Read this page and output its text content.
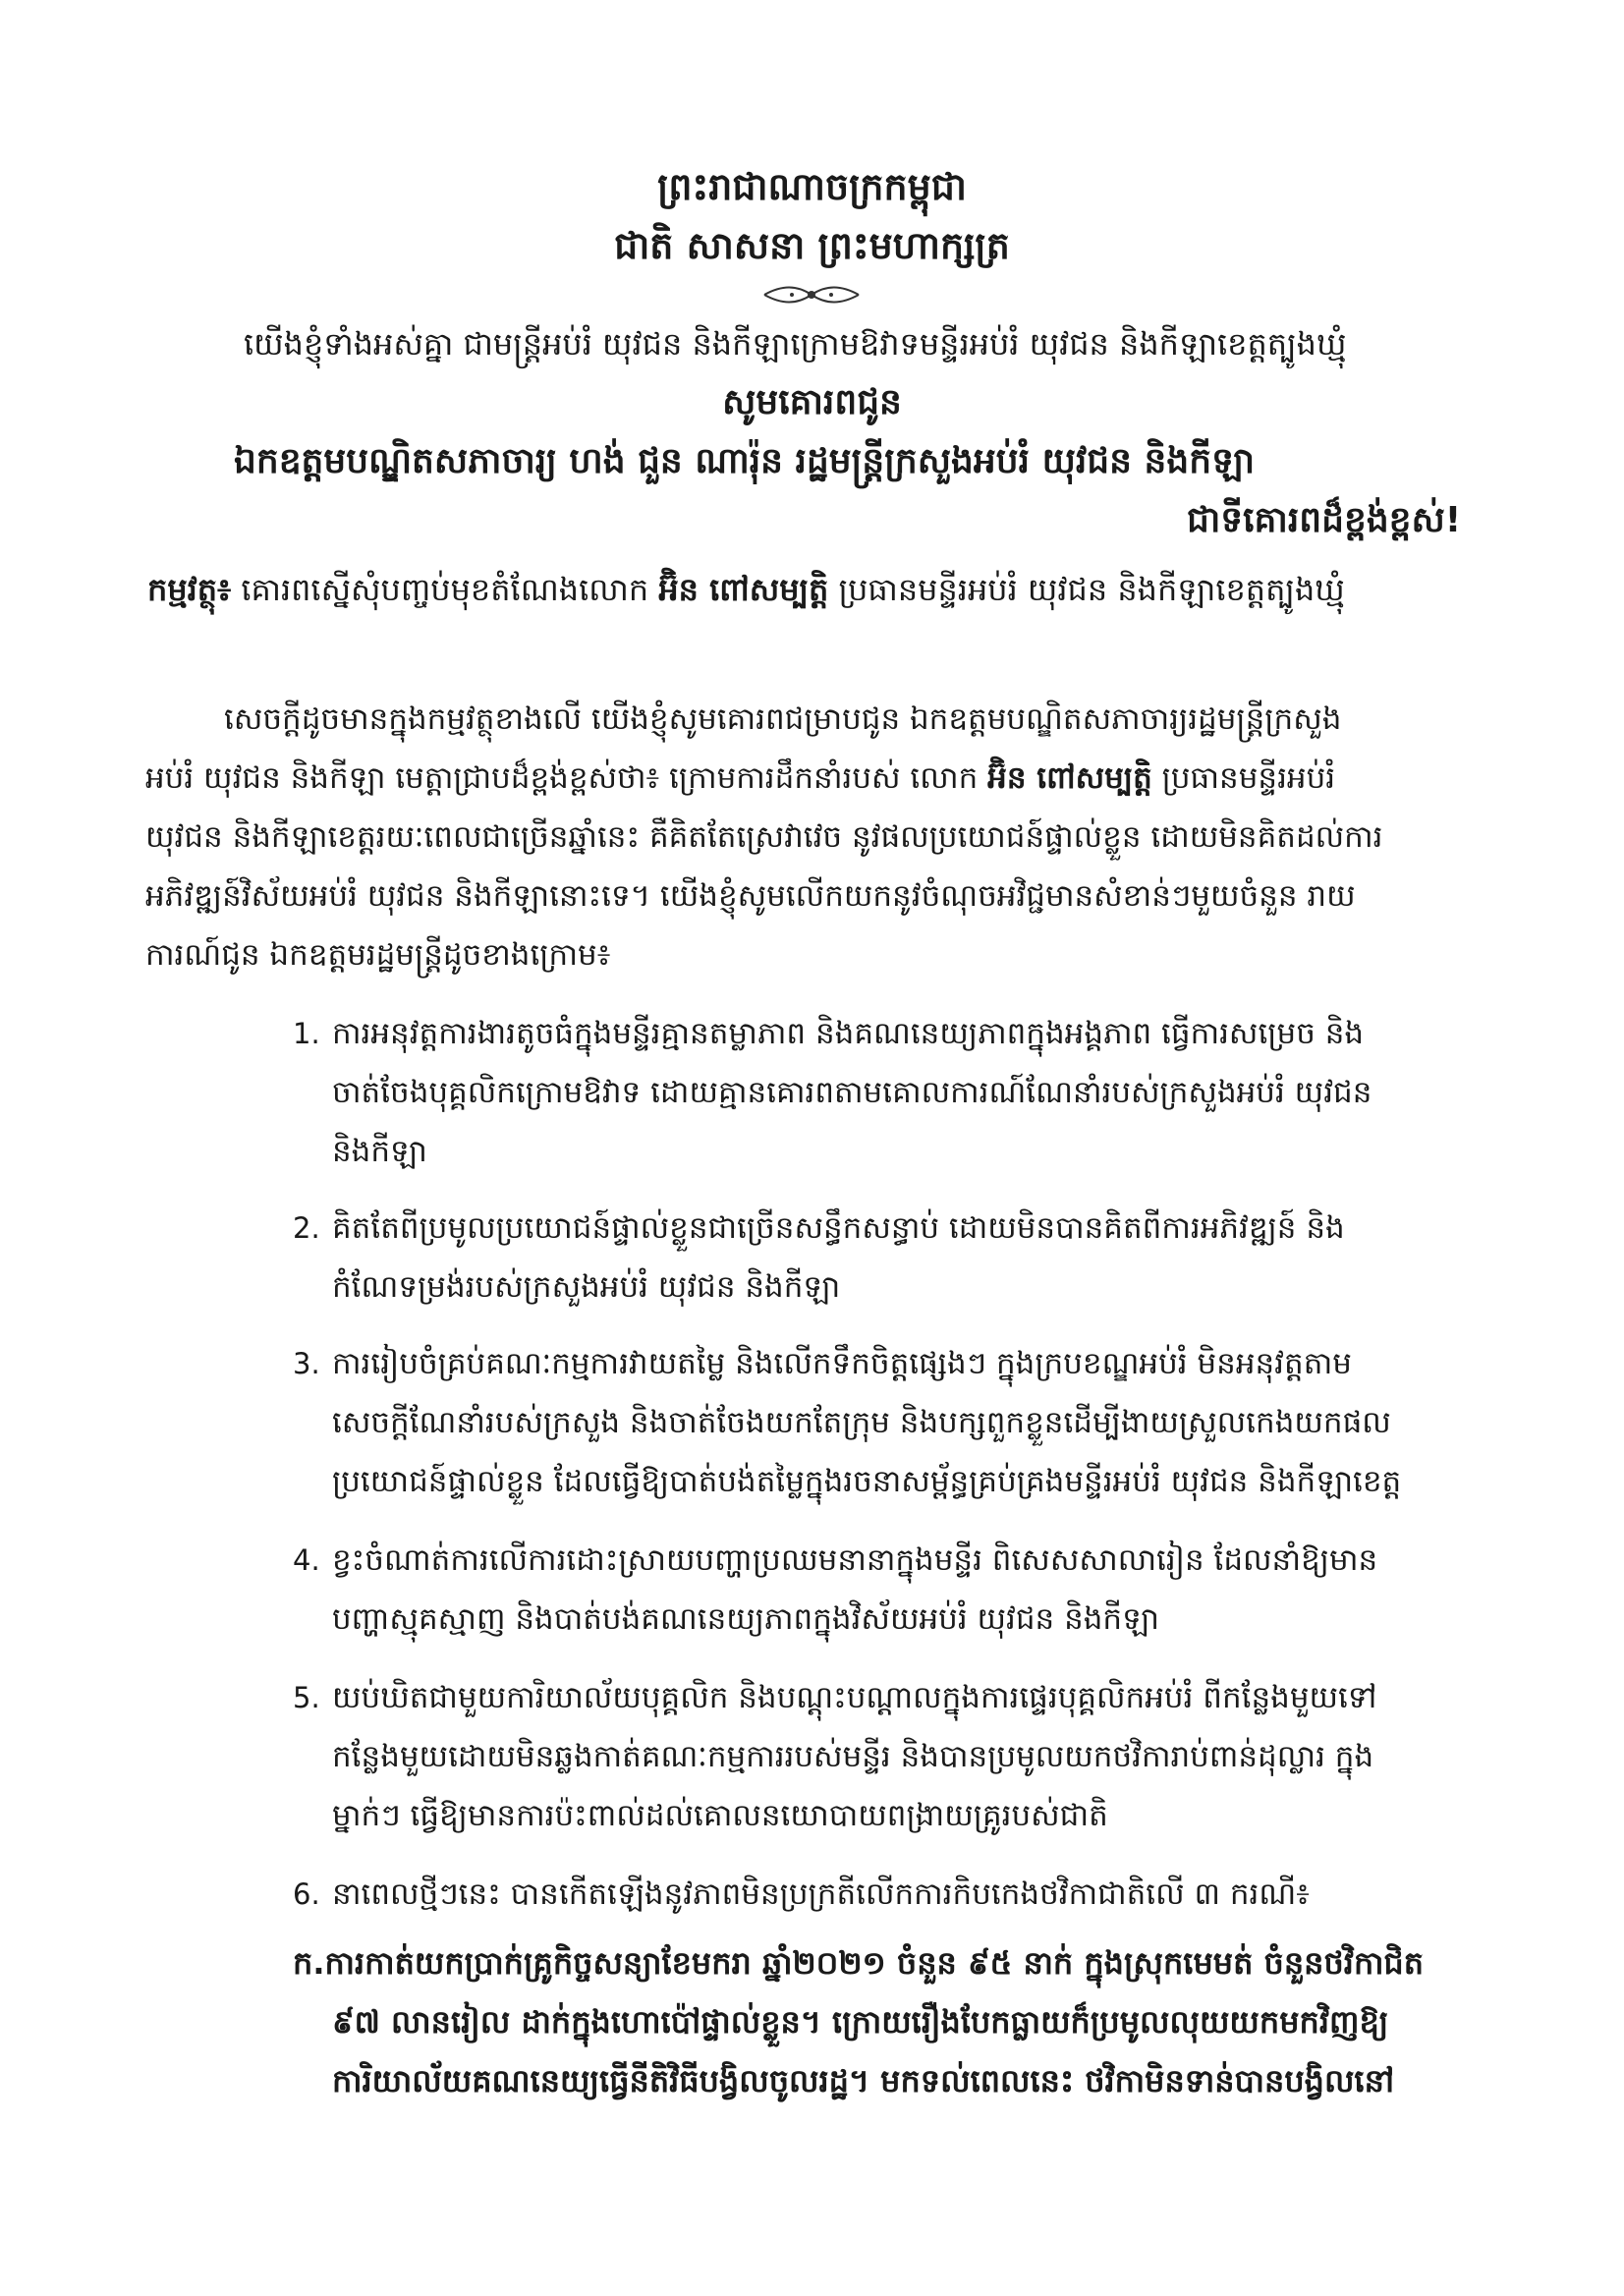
ព្រះរាជាណាចក្រកម្ពុជា
ជាតិ សាសនា ព្រះមហាក្សត្រ
យើងខ្ញុំទាំងអស់គ្នា ជាមន្ត្រីអប់រំ យុវជន និងកីឡាក្រោមឱវាទមន្ទីរអប់រំ យុវជន និងកីឡាខេត្តត្បូងឃ្មុំ
សូមគោរពជូន
ឯកឧត្តមបណ្ឌិតសភាចារ្យ ហង់ ជួន ណារ៉ុន រដ្ឋមន្ត្រីក្រសួងអប់រំ យុវជន និងកីឡា
ជាទីគោរពដ៏ខ្ពង់ខ្ពស់!
កម្មវត្ថុ៖ គោរពស្នើសុំបញ្ចប់មុខតំណែងលោក អ៊ិន ពៅសម្បត្តិ ប្រធានមន្ទីរអប់រំ យុវជន និងកីឡាខេត្តត្បូងឃ្មុំ
សេចក្តីដូចមានក្នុងកម្មវត្ថុខាងលើ យើងខ្ញុំសូមគោរពជម្រាបជូន ឯកឧត្តមបណ្ឌិតសភាចារ្យរដ្ឋមន្ត្រីក្រសួង
អប់រំ យុវជន និងកីឡា មេត្តាជ្រាបដ៏ខ្ពង់ខ្ពស់ថា៖ ក្រោមការដឹកនាំរបស់ លោក អ៊ិន ពៅសម្បត្តិ ប្រធានមន្ទីរអប់រំ
យុវជន និងកីឡាខេត្តរយៈពេលជាច្រើនឆ្នាំនេះ គឺគិតតែស្រេវាវេច នូវផលប្រយោជន៍ផ្ទាល់ខ្លួន ដោយមិនគិតដល់ការ
អភិវឌ្ឍន៍វិស័យអប់រំ យុវជន និងកីឡានោះទេ។ យើងខ្ញុំសូមលើកយកនូវចំណុចអវិជ្ជមានសំខាន់ៗមួយចំនួន រាយ
ការណ៍ជូន ឯកឧត្តមរដ្ឋមន្ត្រីដូចខាងក្រោម៖
1. ការអនុវត្តការងារតូចធំក្នុងមន្ទីរគ្មានតម្លាភាព និងគណនេយ្យភាពក្នុងអង្គភាព ធ្វើការសម្រេច និង
ចាត់ចែងបុគ្គលិកក្រោមឱវាទ ដោយគ្មានគោរពតាមគោលការណ៍ណែនាំរបស់ក្រសួងអប់រំ យុវជន
និងកីឡា
2. គិតតែពីប្រមូលប្រយោជន៍ផ្ទាល់ខ្លួនជាច្រើនសន្ធឹកសន្ធាប់ ដោយមិនបានគិតពីការអភិវឌ្ឍន៍ និង
កំណែទម្រង់របស់ក្រសួងអប់រំ យុវជន និងកីឡា
3. ការរៀបចំគ្រប់គណៈកម្មការវាយតម្លៃ និងលើកទឹកចិត្តផ្សេងៗ ក្នុងក្របខណ្ឌអប់រំ មិនអនុវត្តតាម
សេចក្តីណែនាំរបស់ក្រសួង និងចាត់ចែងយកតែក្រុម និងបក្សពួកខ្លួនដើម្បីងាយស្រួលកេងយកផល
ប្រយោជន៍ផ្ទាល់ខ្លួន ដែលធ្វើឱ្យបាត់បង់តម្លៃក្នុងរចនាសម្ព័ន្ធគ្រប់គ្រងមន្ទីរអប់រំ យុវជន និងកីឡាខេត្ត
4. ខ្វះចំណាត់ការលើការដោះស្រាយបញ្ហាប្រឈមនានាក្នុងមន្ទីរ ពិសេសសាលារៀន ដែលនាំឱ្យមាន
បញ្ហាស្មុគស្មាញ និងបាត់បង់គណនេយ្យភាពក្នុងវិស័យអប់រំ យុវជន និងកីឡា
5. យប់ឃិតជាមួយការិយាល័យបុគ្គលិក និងបណ្តុះបណ្តាលក្នុងការផ្ទេរបុគ្គលិកអប់រំ ពីកន្លែងមួយទៅ
កន្លែងមួយដោយមិនឆ្លងកាត់គណៈកម្មការរបស់មន្ទីរ និងបានប្រមូលយកថវិការាប់ពាន់ដុល្លារ ក្នុង
ម្នាក់ៗ ធ្វើឱ្យមានការប៉ះពាល់ដល់គោលនយោបាយពង្រាយគ្រូរបស់ជាតិ
6. នាពេលថ្មីៗនេះ បានកើតឡើងនូវភាពមិនប្រក្រតីលើកការកិបកេងថវិកាជាតិលើ ៣ ករណី៖
ក.ការកាត់យកប្រាក់គ្រូកិច្ចសន្យាខែមករា ឆ្នាំ២០២១ ចំនួន ៩៥ នាក់ ក្នុងស្រុកមេមត់ ចំនួនថវិកាជិត
៩៧ លានរៀល ដាក់ក្នុងហោប៉ៅផ្ទាល់ខ្លួន។ ក្រោយរឿងបែកធ្លាយក៏ប្រមូលលុយយកមកវិញឱ្យ
ការិយាល័យគណនេយ្យធ្វើនីតិវិធីបង្វិលចូលរដ្ឋ។ មកទល់ពេលនេះ ថវិកាមិនទាន់បានបង្វិលនៅ
